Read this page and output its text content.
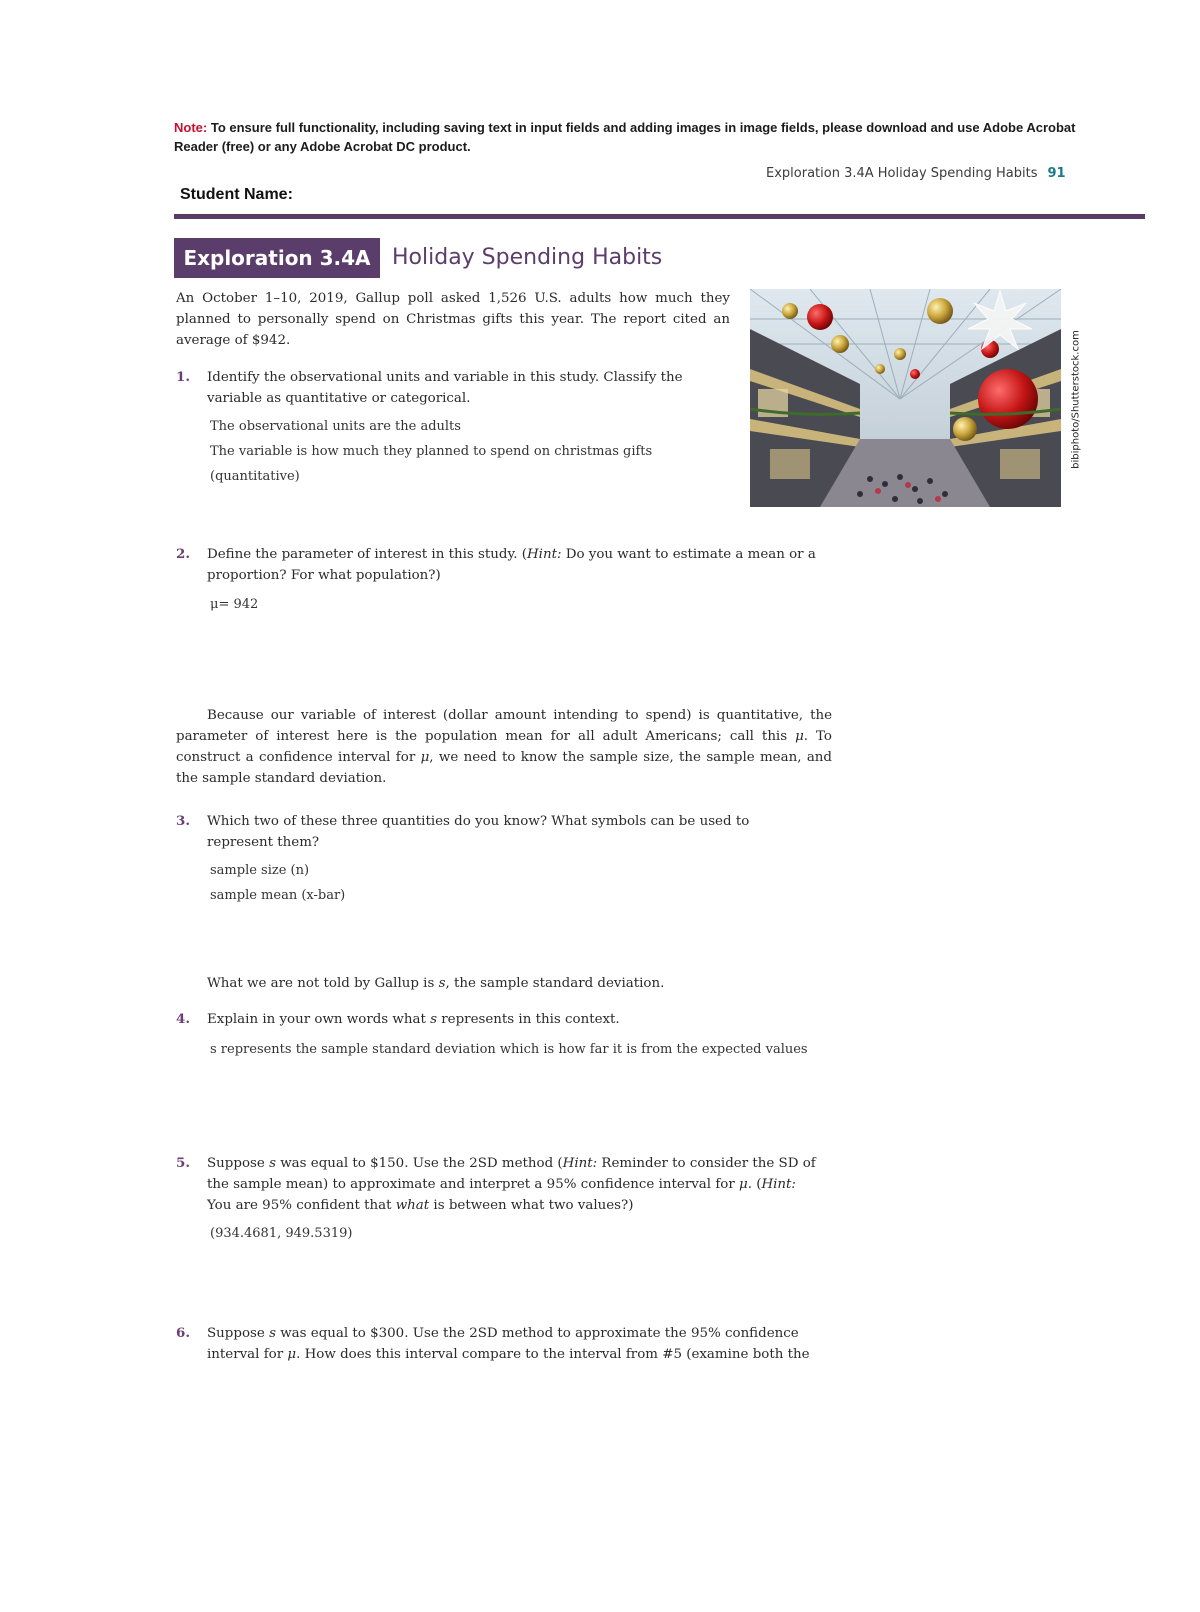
Note: To ensure full functionality, including saving text in input fields and adding images in image fields, please download and use Adobe Acrobat Reader (free) or any Adobe Acrobat DC product.
Exploration 3.4A Holiday Spending Habits 91
Student Name:
Exploration 3.4A Holiday Spending Habits
An October 1–10, 2019, Gallup poll asked 1,526 U.S. adults how much they planned to personally spend on Christmas gifts this year. The report cited an average of $942.	bibiphoto/Shutterstock.com
1. Identify the observational units and variable in this study. Classify the variable as quantitative or categorical.
The observational units are the adults
The variable is how much they planned to spend on christmas gifts
(quantitative)
2. Define the parameter of interest in this study. (Hint: Do you want to estimate a mean or a proportion? For what population?)
μ= 942
Because our variable of interest (dollar amount intending to spend) is quantitative, the parameter of interest here is the population mean for all adult Americans; call this μ. To construct a confidence interval for μ, we need to know the sample size, the sample mean, and the sample standard deviation.
3. Which two of these three quantities do you know? What symbols can be used to represent them?
sample size (n)
sample mean (x-bar)
What we are not told by Gallup is s, the sample standard deviation.
4. Explain in your own words what s represents in this context.
s represents the sample standard deviation which is how far it is from the expected values
5. Suppose s was equal to $150. Use the 2SD method (Hint: Reminder to consider the SD of the sample mean) to approximate and interpret a 95% confidence interval for μ. (Hint: You are 95% confident that what is between what two values?)
(934.4681, 949.5319)
6. Suppose s was equal to $300. Use the 2SD method to approximate the 95% confidence interval for μ. How does this interval compare to the interval from #5 (examine both the
